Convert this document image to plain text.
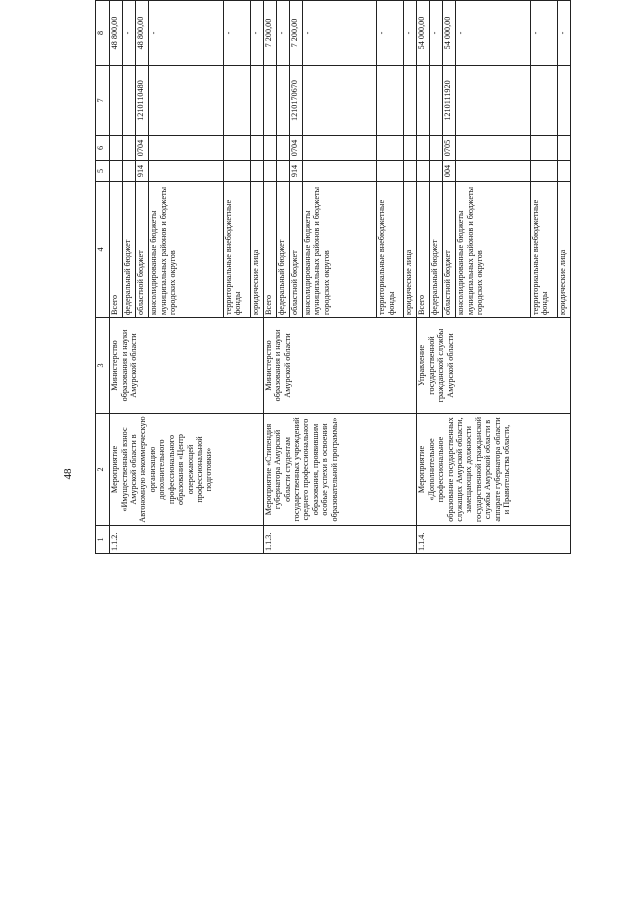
48
1	2	3	4	5	6	7	8					
1.1.2.	Мероприятие «Имущественный взнос Амурской области в Автономную некоммерческую организацию дополнительного профессионального образования «Центр опережающей профессиональной подготовки»	Министерство образования и науки Амурской области	Всего				48 800,00					
			федеральный бюджет				-					
			областной бюджет	914	0704	1210110480	48 800,00					
			консолидированные бюджеты муниципальных районов и бюджеты городских округов				-					
			территориальные внебюджетные фонды				-					
			юридические лица				-					
1.1.3.	Мероприятие «Стипендия губернатора Амурской области студентам государственных учреждений среднего профессионального образования, проявившим особые успехи в освоении образовательной программы»	Министерство образования и науки Амурской области	Всего				7 200,00					
			федеральный бюджет				-					
			областной бюджет	914	0704	1210170670	7 200,00					
			консолидированные бюджеты муниципальных районов и бюджеты городских округов				-					
			территориальные внебюджетные фонды				-					
			юридические лица				-					
1.1.4.	Мероприятие «Дополнительное профессиональное образование государственных служащих Амурской области, замещающих должности государственной гражданской службы Амурской области в аппарате губернатора области и Правительства области,	Управление государственной гражданской службы Амурской области	Всего				54 000,00					
			федеральный бюджет				-					
			областной бюджет	004	0705	1210111920	54 000,00					
			консолидированные бюджеты муниципальных районов и бюджеты городских округов				-					
			территориальные внебюджетные фонды				-					
			юридические лица				-					
